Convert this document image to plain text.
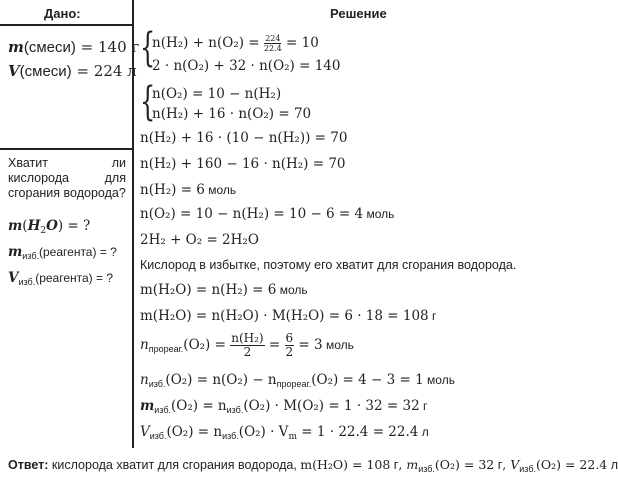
Дано:	Решение
m(смеси) = 140 г
V(смеси) = 224 л
Хватит ли кислорода для сгорания водорода?
$m(H_2O)$ = ?
$m_{изб.}(реагента)$ = ?
$V_{изб.}(реагента)$ = ?
{
$n(H_2) + n(O_2) = \frac{224}{22.4} = 10$
2 · n(O₂) + 32 · n(O₂) = 140
{
n(O₂) = 10 − n(H₂)
n(H₂) + 16 · n(O₂) = 70
n(H₂) + 16 · (10 − n(H₂)) = 70
n(H₂) + 160 − 16 · n(H₂) = 70
n(H₂) = 6 моль
n(O₂) = 10 − n(H₂) = 10 − 6 = 4 моль
2H₂ + O₂ = 2H₂O
Кислород в избытке, поэтому его хватит для сгорания водорода.
m(H₂O) = n(H₂) = 6 моль
m(H₂O) = n(H₂O) · M(H₂O) = 6 · 18 = 108 г
$n_{прореаг.}(O_2) = \frac{\text{n(H₂)}}{2} = \frac{6}{2} = 3$ моль
$n_{изб.}(O_2) = n(O_2) - n_{прореаг.}(O_2) = 4 - 3 = 1$ моль
$m_{изб.}(O_2) = n_{изб.}(O_2) \cdot M(O_2) = 1 \cdot 32 = 32$ г
$V_{изб.}(O_2) = n_{изб.}(O_2) \cdot V_m = 1 \cdot 22.4 = 22.4$ л
Ответ: кислорода хватит для сгорания водорода, m(H₂O) = 108 г, $m_{изб.}(O_2) = 32$ г, $V_{изб.}(O_2) = 22.4$ л
